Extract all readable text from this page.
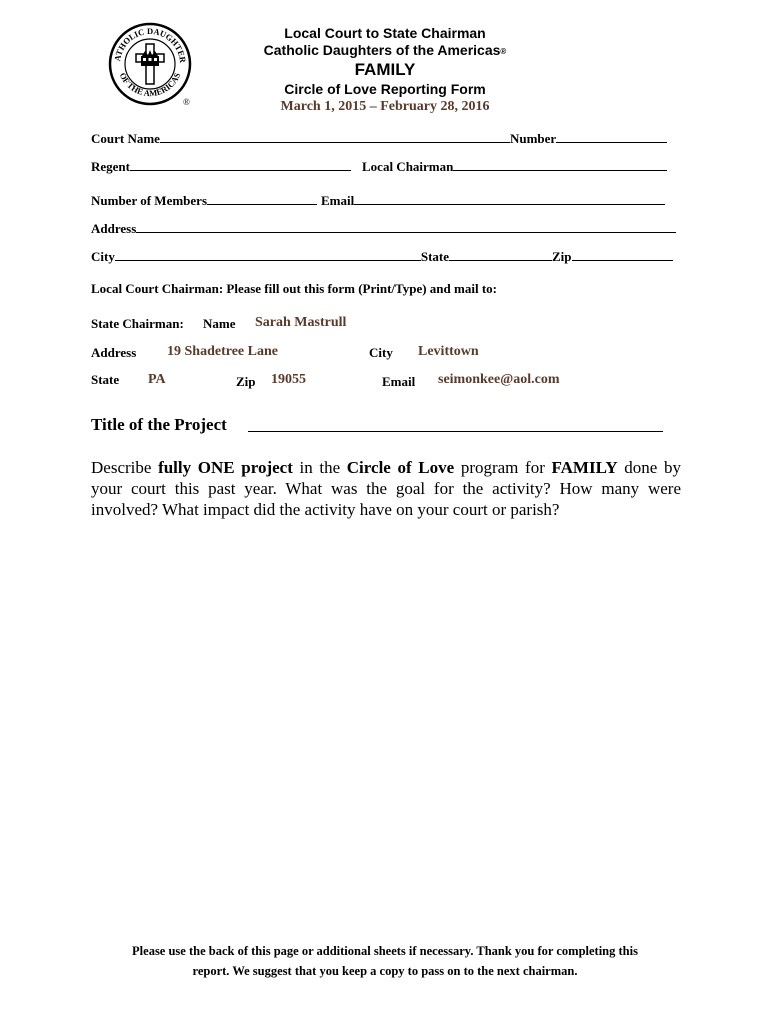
ATHOLIC DAUGHTER
OF THE AMERICAS
®
Local Court to State Chairman
Catholic Daughters of the Americas®
FAMILY
Circle of Love Reporting Form
March 1, 2015 – February 28, 2016
Court Name	Number
Regent	Local Chairman
Number of Members	Email
Address
City	State	Zip
Local Court Chairman: Please fill out this form (Print/Type) and mail to:
State Chairman: Name Sarah Mastrull
Address 19 Shadetree Lane	City Levittown
State PA	Zip 19055	Email seimonkee@aol.com
Title of the Project
Describe fully ONE project in the Circle of Love program for FAMILY done by your court this past year. What was the goal for the activity? How many were involved? What impact did the activity have on your court or parish?
Please use the back of this page or additional sheets if necessary. Thank you for completing this
report. We suggest that you keep a copy to pass on to the next chairman.
